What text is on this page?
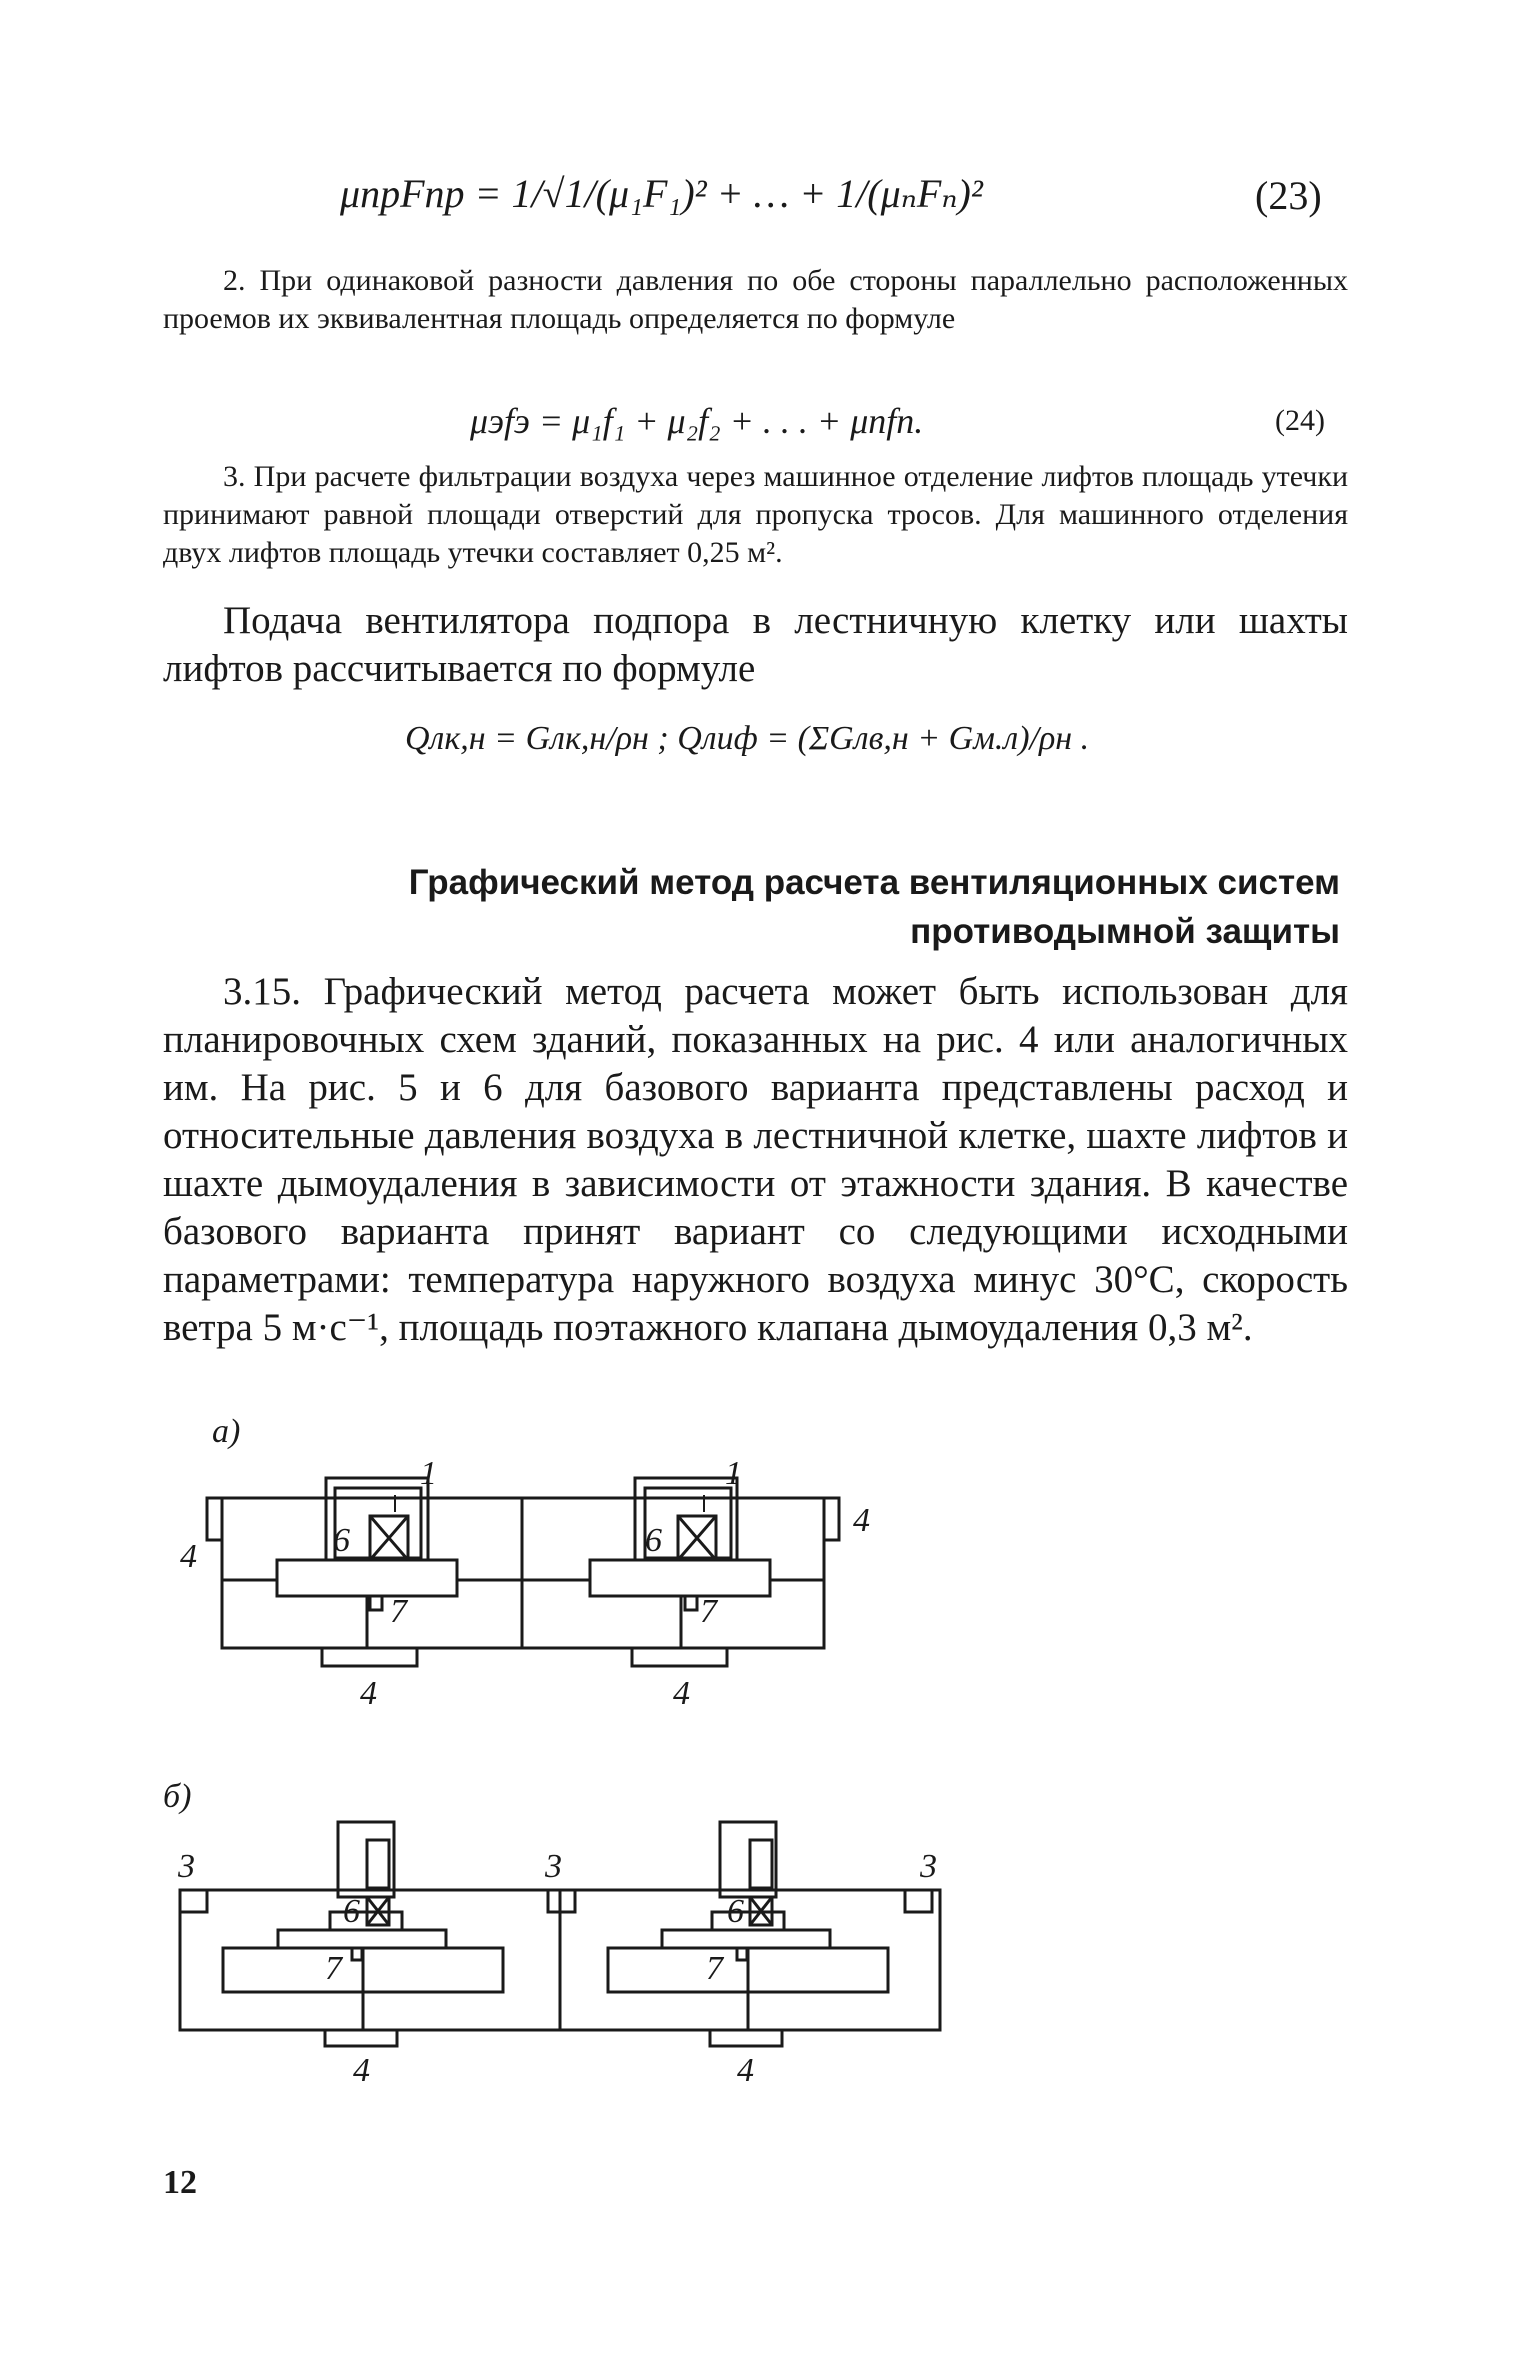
μпрFпр = 1/√1/(μ₁F₁)² + … + 1/(μₙFₙ)²	(23)

2. При одинаковой разности давления по обе стороны параллельно расположенных проемов их эквивалентная площадь определяется по формуле

μэfэ = μ₁f₁ + μ₂f₂ + . . . + μnfn.	(24)

3. При расчете фильтрации воздуха через машинное отделение лифтов площадь утечки принимают равной площади отверстий для пропуска тросов. Для машинного отделения двух лифтов площадь утечки составляет 0,25 м².

Подача вентилятора подпора в лестничную клетку или шахты лифтов рассчитывается по формуле

Qлк,н = Gлк,н/ρн ; Qлиф = (ΣGлв,н + Gм.л)/ρн .
Графический метод расчета вентиляционных систем
противодымной защиты

3.15. Графический метод расчета может быть использован для планировочных схем зданий, показанных на рис. 4 или аналогичных им. На рис. 5 и 6 для базового варианта представлены расход и относительные давления воздуха в лестничной клетке, шахте лифтов и шахте дымоудаления в зависимости от этажности здания. В качестве базового варианта принят вариант со следующими исходными параметрами: температура наружного воздуха минус 30°С, скорость ветра 5 м·с⁻¹, площадь поэтажного клапана дымоудаления 0,3 м².

а)
1	1
4
4
6	6
7	7
4	4
б)
3	3	3
6	6
7	7
4	4
12
